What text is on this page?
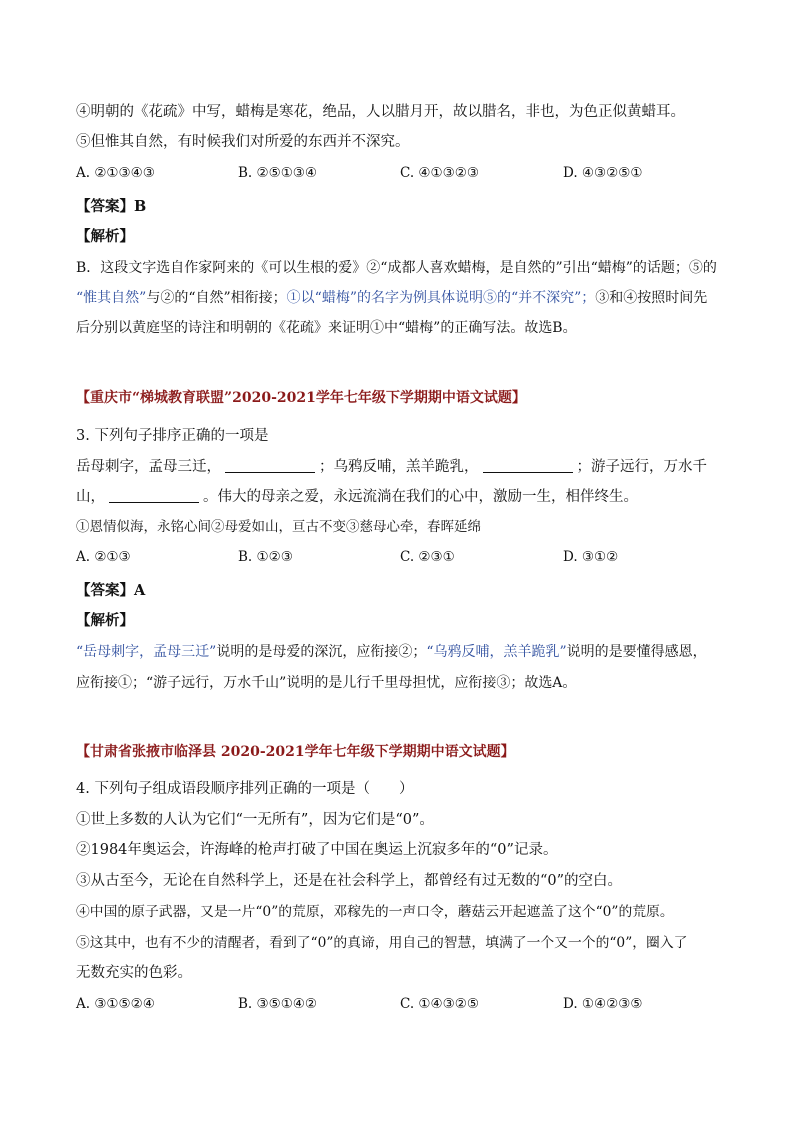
④明朝的《花疏》中写，蜡梅是寒花，绝品，人以腊月开，故以腊名，非也，为色正似黄蜡耳。
⑤但惟其自然，有时候我们对所爱的东西并不深究。
A. ②①③④③	B. ②⑤①③④	C. ④①③②③	D. ④③②⑤①
【答案】B
【解析】
B．这段文字选自作家阿来的《可以生根的爱》②“成都人喜欢蜡梅，是自然的”引出“蜡梅”的话题；⑤的
“惟其自然”与②的“自然”相衔接；①以“蜡梅”的名字为例具体说明⑤的“并不深究”；③和④按照时间先
后分别以黄庭坚的诗注和明朝的《花疏》来证明①中“蜡梅”的正确写法。故选B。
【重庆市“梯城教育联盟”2020-2021学年七年级下学期期中语文试题】
3. 下列句子排序正确的一项是
岳母刺字，孟母三迁，	；乌鸦反哺，羔羊跪乳，	；游子远行，万水千
山，	。伟大的母亲之爱，永远流淌在我们的心中，激励一生，相伴终生。
①恩情似海，永铭心间②母爱如山，亘古不变③慈母心牵，春晖延绵
A. ②①③	B. ①②③	C. ②③①	D. ③①②
【答案】A
【解析】
“岳母刺字，孟母三迁”说明的是母爱的深沉，应衔接②；“乌鸦反哺，羔羊跪乳”说明的是要懂得感恩，
应衔接①；“游子远行，万水千山”说明的是儿行千里母担忧，应衔接③；故选A。
【甘肃省张掖市临泽县 2020-2021学年七年级下学期期中语文试题】
4. 下列句子组成语段顺序排列正确的一项是（　　）
①世上多数的人认为它们“一无所有”，因为它们是“0”。
②1984年奥运会，许海峰的枪声打破了中国在奥运上沉寂多年的“0”记录。
③从古至今，无论在自然科学上，还是在社会科学上，都曾经有过无数的“0”的空白。
④中国的原子武器，又是一片“0”的荒原，邓稼先的一声口令，蘑菇云开起遮盖了这个“0”的荒原。
⑤这其中，也有不少的清醒者，看到了“0”的真谛，用自己的智慧，填满了一个又一个的“0”，圈入了
无数充实的色彩。
A. ③①⑤②④	B. ③⑤①④②	C. ①④③②⑤	D. ①④②③⑤
